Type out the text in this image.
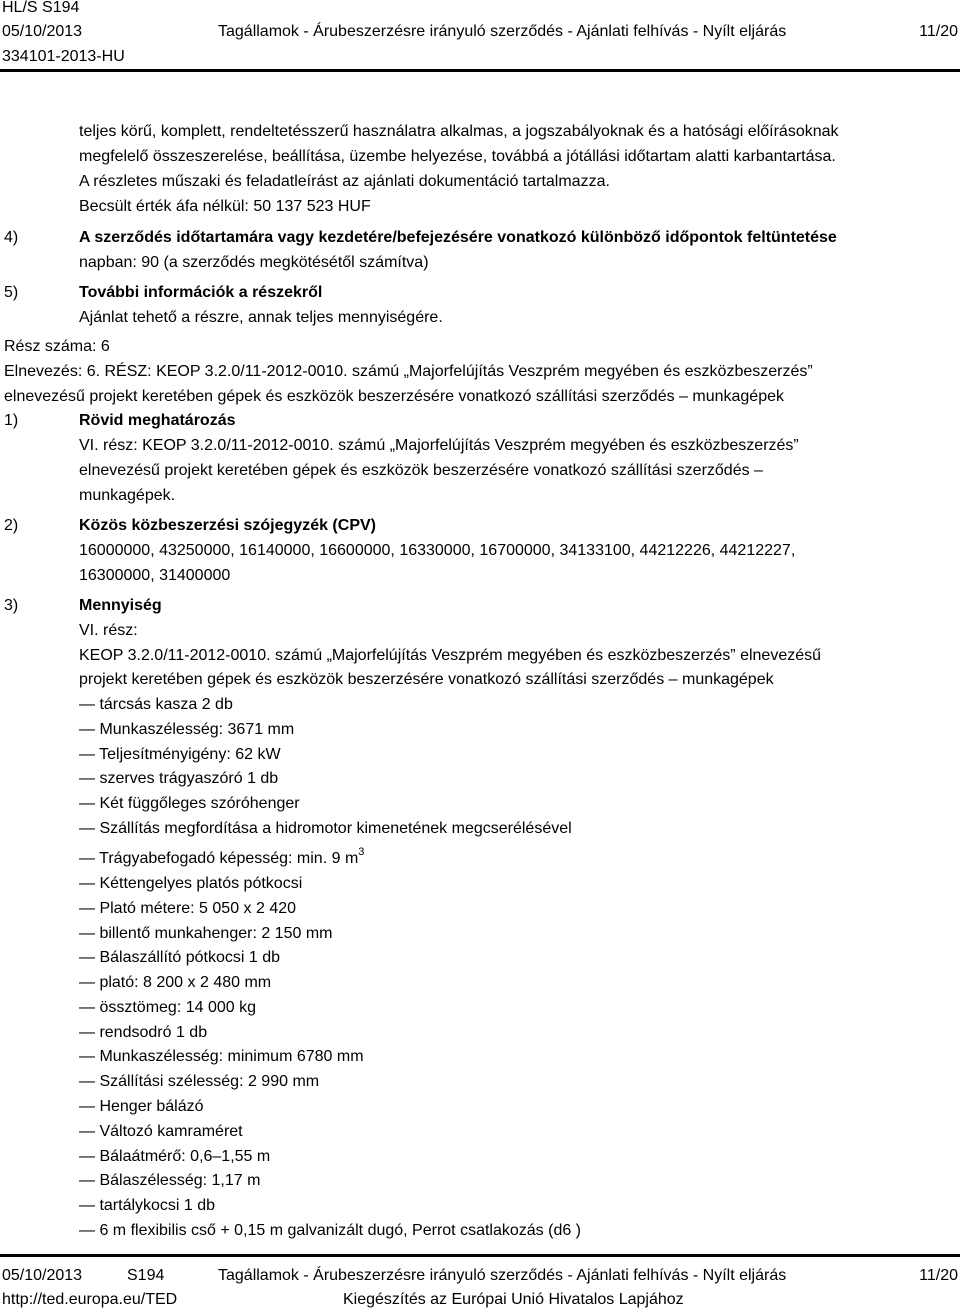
HL/S S194
05/10/2013	Tagállamok - Árubeszerzésre irányuló szerződés - Ajánlati felhívás - Nyílt eljárás	11/20
334101-2013-HU
teljes körű, komplett, rendeltetésszerű használatra alkalmas, a jogszabályoknak és a hatósági előírásoknak
megfelelő összeszerelése, beállítása, üzembe helyezése, továbbá a jótállási időtartam alatti karbantartása.
A részletes műszaki és feladatleírást az ajánlati dokumentáció tartalmazza.
Becsült érték áfa nélkül: 50 137 523 HUF
4)	A szerződés időtartamára vagy kezdetére/befejezésére vonatkozó különböző időpontok feltüntetése
napban: 90 (a szerződés megkötésétől számítva)
5)	További információk a részekről
Ajánlat tehető a részre, annak teljes mennyiségére.
Rész száma: 6
Elnevezés: 6. RÉSZ: KEOP 3.2.0/11-2012-0010. számú „Majorfelújítás Veszprém megyében és eszközbeszerzés”
elnevezésű projekt keretében gépek és eszközök beszerzésére vonatkozó szállítási szerződés – munkagépek
1)	Rövid meghatározás
VI. rész: KEOP 3.2.0/11-2012-0010. számú „Majorfelújítás Veszprém megyében és eszközbeszerzés”
elnevezésű projekt keretében gépek és eszközök beszerzésére vonatkozó szállítási szerződés –
munkagépek.
2)	Közös közbeszerzési szójegyzék (CPV)
16000000, 43250000, 16140000, 16600000, 16330000, 16700000, 34133100, 44212226, 44212227,
16300000, 31400000
3)	Mennyiség
VI. rész:
KEOP 3.2.0/11-2012-0010. számú „Majorfelújítás Veszprém megyében és eszközbeszerzés” elnevezésű
projekt keretében gépek és eszközök beszerzésére vonatkozó szállítási szerződés – munkagépek
— tárcsás kasza 2 db
— Munkaszélesség: 3671 mm
— Teljesítményigény: 62 kW
— szerves trágyaszóró 1 db
— Két függőleges szóróhenger
— Szállítás megfordítása a hidromotor kimenetének megcserélésével
— Trágyabefogadó képesség: min. 9 $m^3$
— Kéttengelyes platós pótkocsi
— Plató métere: 5 050 x 2 420
— billentő munkahenger: 2 150 mm
— Bálaszállító pótkocsi 1 db
— plató: 8 200 x 2 480 mm
— össztömeg: 14 000 kg
— rendsodró 1 db
— Munkaszélesség: minimum 6780 mm
— Szállítási szélesség: 2 990 mm
— Henger bálázó
— Változó kamraméret
— Bálaátmérő: 0,6–1,55 m
— Bálaszélesség: 1,17 m
— tartálykocsi 1 db
— 6 m flexibilis cső + 0,15 m galvanizált dugó, Perrot csatlakozás (d6 )
05/10/2013	S194	Tagállamok - Árubeszerzésre irányuló szerződés - Ajánlati felhívás - Nyílt eljárás	11/20
http://ted.europa.eu/TED	Kiegészítés az Európai Unió Hivatalos Lapjához
